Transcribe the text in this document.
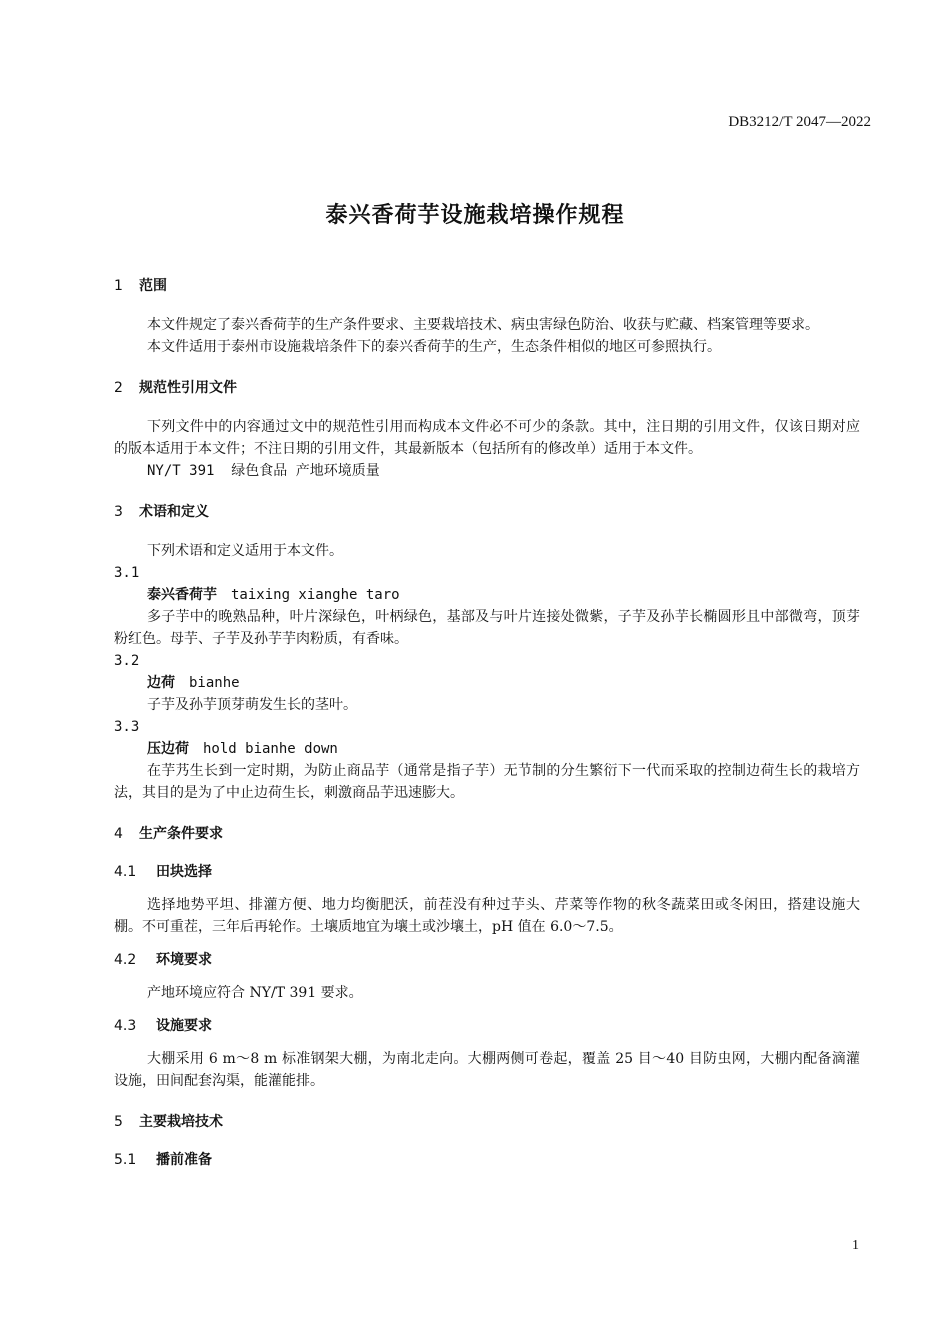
DB3212/T 2047—2022
泰兴香荷芋设施栽培操作规程
1 范围

本文件规定了泰兴香荷芋的生产条件要求、主要栽培技术、病虫害绿色防治、收获与贮藏、档案管理等要求。

本文件适用于泰州市设施栽培条件下的泰兴香荷芋的生产，生态条件相似的地区可参照执行。

2 规范性引用文件

下列文件中的内容通过文中的规范性引用而构成本文件必不可少的条款。其中，注日期的引用文件，仅该日期对应的版本适用于本文件；不注日期的引用文件，其最新版本（包括所有的修改单）适用于本文件。

NY/T 391  绿色食品 产地环境质量
3 术语和定义

下列术语和定义适用于本文件。

3.1
泰兴香荷芋 taixing xianghe taro

多子芋中的晚熟品种，叶片深绿色，叶柄绿色，基部及与叶片连接处微紫，子芋及孙芋长椭圆形且中部微弯，顶芽粉红色。母芋、子芋及孙芋芋肉粉质，有香味。

3.2
边荷 bianhe

子芋及孙芋顶芽萌发生长的茎叶。

3.3
压边荷 hold bianhe down

在芋艿生长到一定时期，为防止商品芋（通常是指子芋）无节制的分生繁衍下一代而采取的控制边荷生长的栽培方法，其目的是为了中止边荷生长，刺激商品芋迅速膨大。

4 生产条件要求
4.1 田块选择

选择地势平坦、排灌方便、地力均衡肥沃，前茬没有种过芋头、芹菜等作物的秋冬蔬菜田或冬闲田，搭建设施大棚。不可重茬，三年后再轮作。土壤质地宜为壤土或沙壤土，pH 值在 6.0～7.5。

4.2 环境要求

产地环境应符合 NY/T 391 要求。

4.3 设施要求

大棚采用 6 m～8 m 标准钢架大棚，为南北走向。大棚两侧可卷起，覆盖 25 目～40 目防虫网，大棚内配备滴灌设施，田间配套沟渠，能灌能排。

5 主要栽培技术
5.1 播前准备
1
